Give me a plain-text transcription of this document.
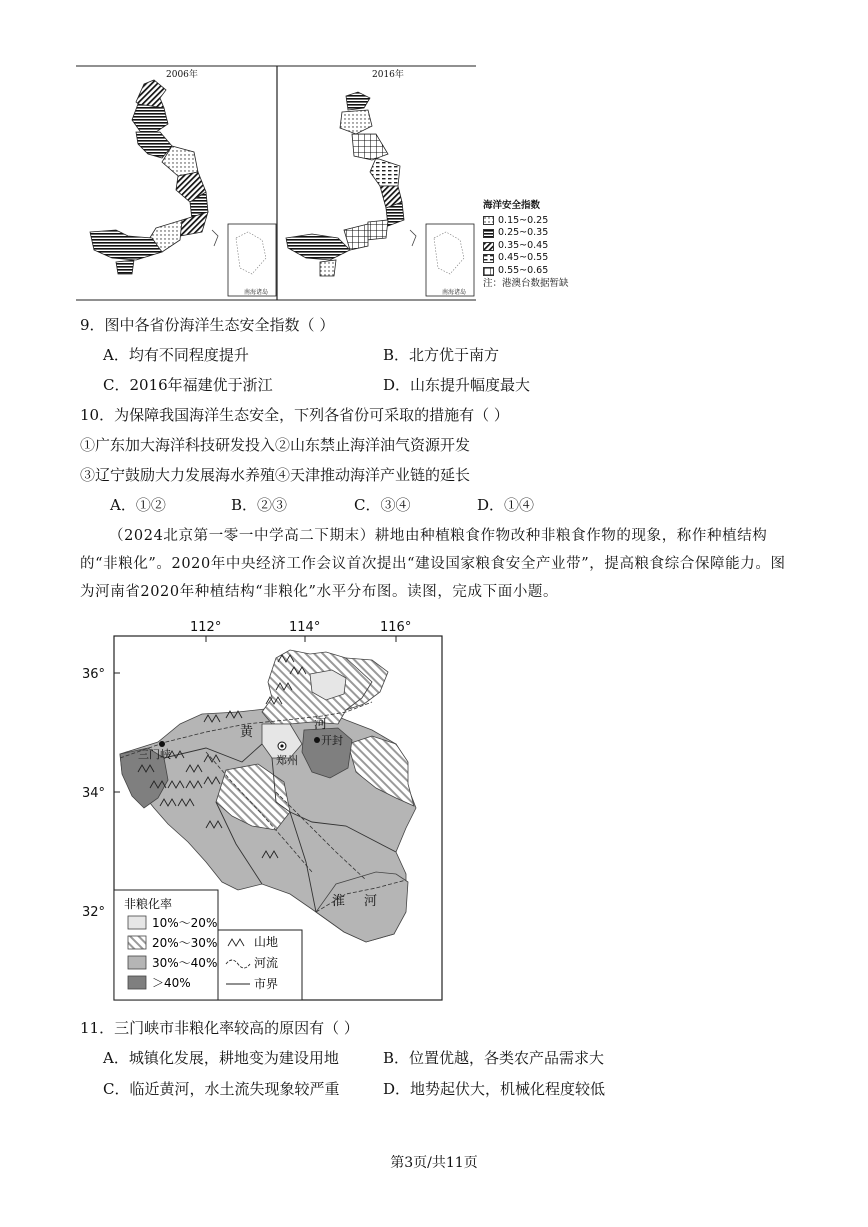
南海诸岛
2006年
南海诸岛
2016年
海洋安全指数
0.15~0.25
0.25~0.35
0.35~0.45
0.45~0.55
0.55~0.65
注：港澳台数据暂缺
9．图中各省份海洋生态安全指数（ ）
A．均有不同程度提升	B．北方优于南方
C．2016年福建优于浙江	D．山东提升幅度最大
10．为保障我国海洋生态安全，下列各省份可采取的措施有（ ）
①广东加大海洋科技研发投入②山东禁止海洋油气资源开发
③辽宁鼓励大力发展海水养殖④天津推动海洋产业链的延长
A．①②	B．②③	C．③④	D．①④
（2024北京第一零一中学高二下期末）耕地由种植粮食作物改种非粮食作物的现象，称作种植结构的“非粮化”。2020年中央经济工作会议首次提出“建设国家粮食安全产业带”，提高粮食综合保障能力。图为河南省2020年种植结构“非粮化”水平分布图。读图，完成下面小题。
112°	114°	116°
36°
34°
32°
三门峡	郑州
开封
黄
河
淮 河
非粮化率
10%～20%
20%～30%
30%～40%
＞40%
山地
河流
市界
11．三门峡市非粮化率较高的原因有（ ）
A．城镇化发展，耕地变为建设用地	B．位置优越，各类农产品需求大
C．临近黄河，水土流失现象较严重	D．地势起伏大，机械化程度较低
第3页/共11页
